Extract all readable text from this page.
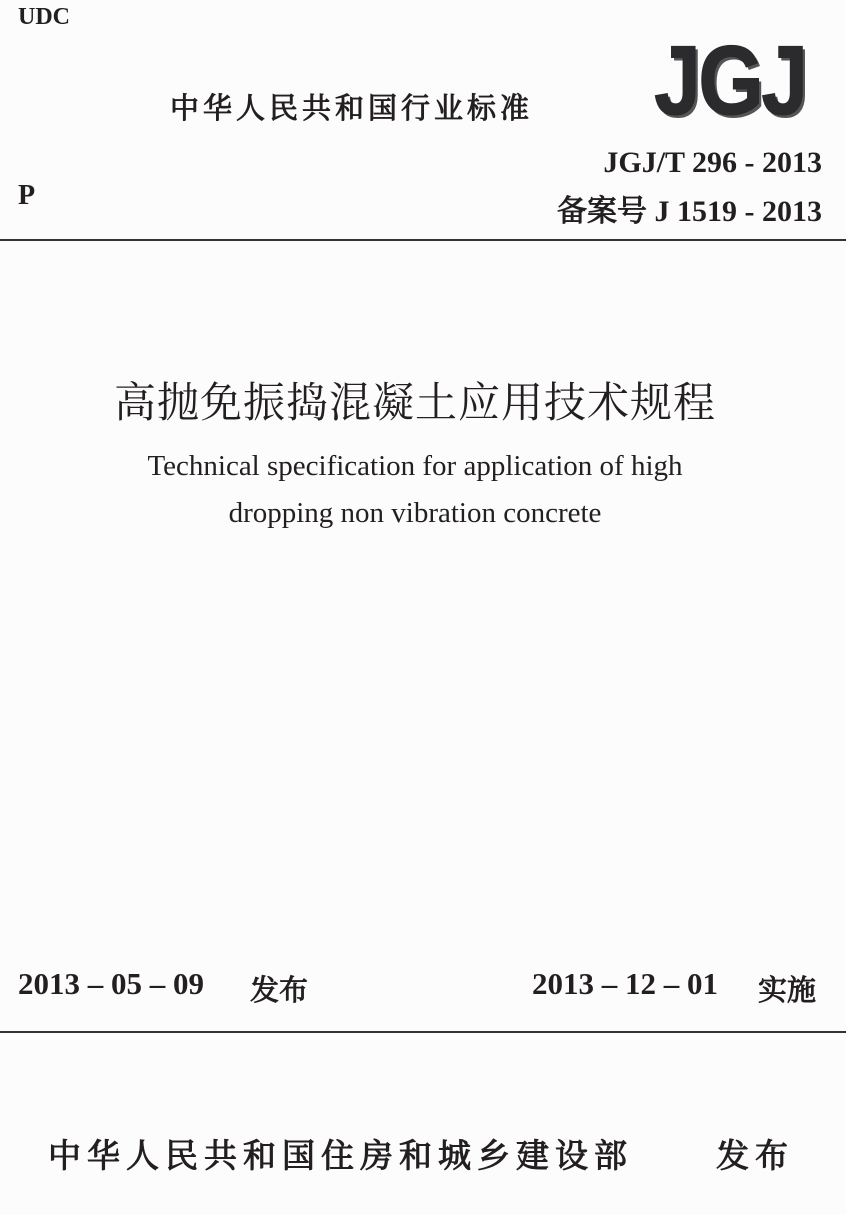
UDC
中华人民共和国行业标准 JGJ
P
JGJ/T 296 - 2013
备案号 J 1519 - 2013
高抛免振捣混凝土应用技术规程
Technical specification for application of high
dropping non vibration concrete
2013 – 05 – 09 发布	2013 – 12 – 01 实施
中华人民共和国住房和城乡建设部	发布
